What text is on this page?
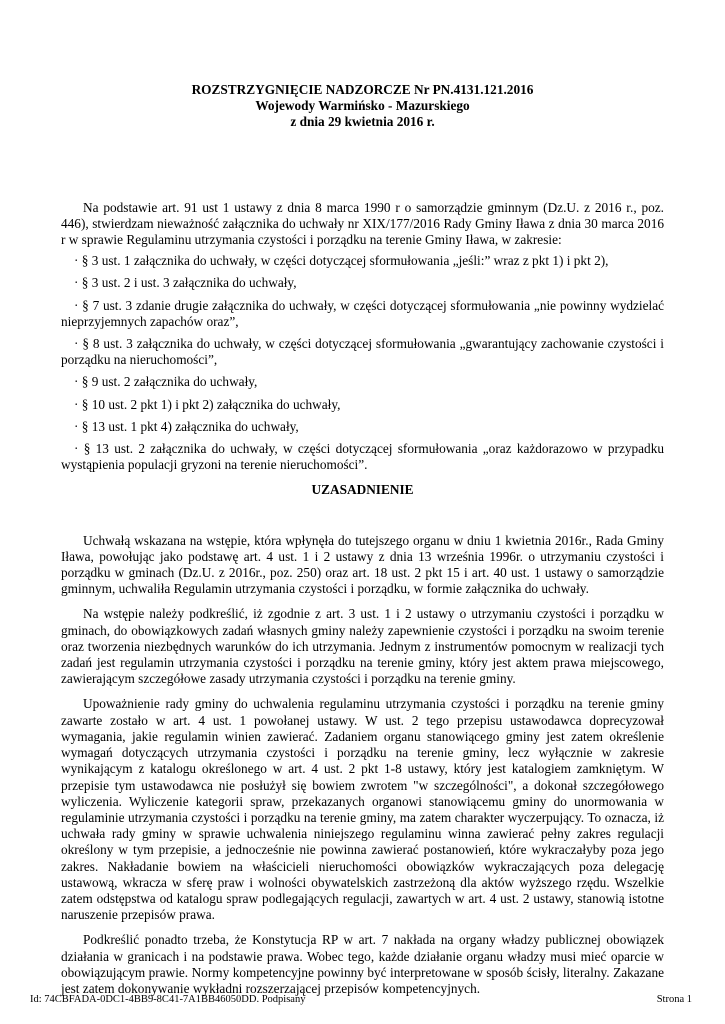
ROZSTRZYGNIĘCIE NADZORCZE Nr PN.4131.121.2016

Wojewody Warmińsko - Mazurskiego

z dnia 29 kwietnia 2016 r.

Na podstawie art. 91 ust 1 ustawy z dnia 8 marca 1990 r o samorządzie gminnym (Dz.U. z 2016 r., poz. 446), stwierdzam nieważność załącznika do uchwały nr XIX/177/2016 Rady Gminy Iława z dnia 30 marca 2016 r w sprawie Regulaminu utrzymania czystości i porządku na terenie Gminy Iława, w zakresie:

· § 3 ust. 1 załącznika do uchwały, w części dotyczącej sformułowania „jeśli:” wraz z pkt 1) i pkt 2),

· § 3 ust. 2 i ust. 3 załącznika do uchwały,

· § 7 ust. 3 zdanie drugie załącznika do uchwały, w części dotyczącej sformułowania „nie powinny wydzielać nieprzyjemnych zapachów oraz”,

· § 8 ust. 3 załącznika do uchwały, w części dotyczącej sformułowania „gwarantujący zachowanie czystości i porządku na nieruchomości”,

· § 9 ust. 2 załącznika do uchwały,

· § 10 ust. 2 pkt 1) i pkt 2) załącznika do uchwały,

· § 13 ust. 1 pkt 4) załącznika do uchwały,

· § 13 ust. 2 załącznika do uchwały, w części dotyczącej sformułowania „oraz każdorazowo w przypadku wystąpienia populacji gryzoni na terenie nieruchomości”.

UZASADNIENIE

Uchwałą wskazana na wstępie, która wpłynęła do tutejszego organu w dniu 1 kwietnia 2016r., Rada Gminy Iława, powołując jako podstawę art. 4 ust. 1 i 2 ustawy z dnia 13 września 1996r. o utrzymaniu czystości i porządku w gminach (Dz.U. z 2016r., poz. 250) oraz art. 18 ust. 2 pkt 15 i art. 40 ust. 1 ustawy o samorządzie gminnym, uchwaliła Regulamin utrzymania czystości i porządku, w formie załącznika do uchwały.

Na wstępie należy podkreślić, iż zgodnie z art. 3 ust. 1 i 2 ustawy o utrzymaniu czystości i porządku w gminach, do obowiązkowych zadań własnych gminy należy zapewnienie czystości i porządku na swoim terenie oraz tworzenia niezbędnych warunków do ich utrzymania. Jednym z instrumentów pomocnym w realizacji tych zadań jest regulamin utrzymania czystości i porządku na terenie gminy, który jest aktem prawa miejscowego, zawierającym szczegółowe zasady utrzymania czystości i porządku na terenie gminy.

Upoważnienie rady gminy do uchwalenia regulaminu utrzymania czystości i porządku na terenie gminy zawarte zostało w art. 4 ust. 1 powołanej ustawy. W ust. 2 tego przepisu ustawodawca doprecyzował wymagania, jakie regulamin winien zawierać. Zadaniem organu stanowiącego gminy jest zatem określenie wymagań dotyczących utrzymania czystości i porządku na terenie gminy, lecz wyłącznie w zakresie wynikającym z katalogu określonego w art. 4 ust. 2 pkt 1-8 ustawy, który jest katalogiem zamkniętym. W przepisie tym ustawodawca nie posłużył się bowiem zwrotem "w szczególności", a dokonał szczegółowego wyliczenia. Wyliczenie kategorii spraw, przekazanych organowi stanowiącemu gminy do unormowania w regulaminie utrzymania czystości i porządku na terenie gminy, ma zatem charakter wyczerpujący. To oznacza, iż uchwała rady gminy w sprawie uchwalenia niniejszego regulaminu winna zawierać pełny zakres regulacji określony w tym przepisie, a jednocześnie nie powinna zawierać postanowień, które wykraczałyby poza jego zakres. Nakładanie bowiem na właścicieli nieruchomości obowiązków wykraczających poza delegację ustawową, wkracza w sferę praw i wolności obywatelskich zastrzeżoną dla aktów wyższego rzędu. Wszelkie zatem odstępstwa od katalogu spraw podlegających regulacji, zawartych w art. 4 ust. 2 ustawy, stanowią istotne naruszenie przepisów prawa.

Podkreślić ponadto trzeba, że Konstytucja RP w art. 7 nakłada na organy władzy publicznej obowiązek działania w granicach i na podstawie prawa. Wobec tego, każde działanie organu władzy musi mieć oparcie w obowiązującym prawie. Normy kompetencyjne powinny być interpretowane w sposób ścisły, literalny. Zakazane jest zatem dokonywanie wykładni rozszerzającej przepisów kompetencyjnych.

Id: 74CBFADA-0DC1-4BB9-8C41-7A1BB46050DD. Podpisany	Strona 1
